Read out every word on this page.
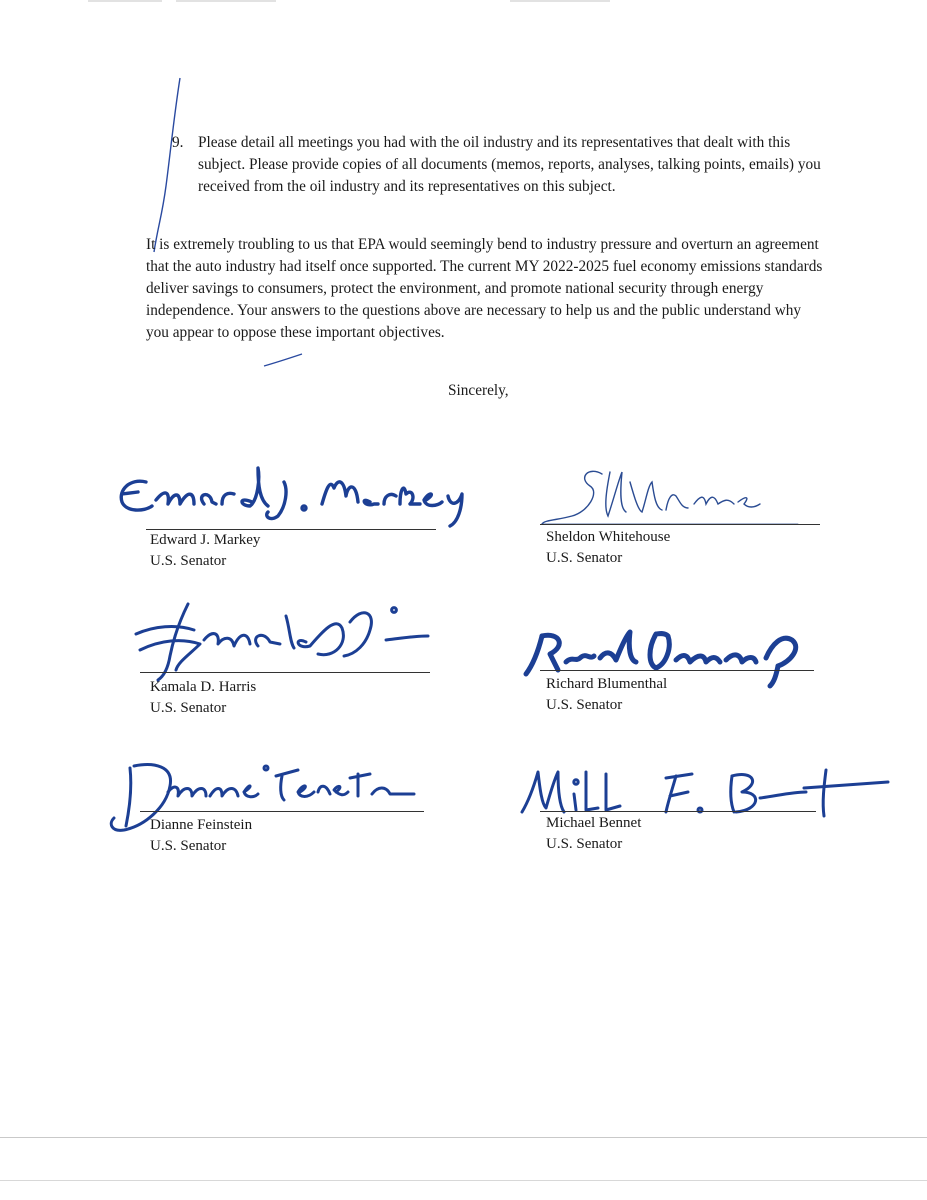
9. Please detail all meetings you had with the oil industry and its representatives that dealt with this subject. Please provide copies of all documents (memos, reports, analyses, talking points, emails) you received from the oil industry and its representatives on this subject.
It is extremely troubling to us that EPA would seemingly bend to industry pressure and overturn an agreement that the auto industry had itself once supported. The current MY 2022-2025 fuel economy emissions standards deliver savings to consumers, protect the environment, and promote national security through energy independence. Your answers to the questions above are necessary to help us and the public understand why you appear to oppose these important objectives.
Sincerely,
Edward J. Markey
U.S. Senator
Sheldon Whitehouse
U.S. Senator
Kamala D. Harris
U.S. Senator
Richard Blumenthal
U.S. Senator
Dianne Feinstein
U.S. Senator
Michael Bennet
U.S. Senator
